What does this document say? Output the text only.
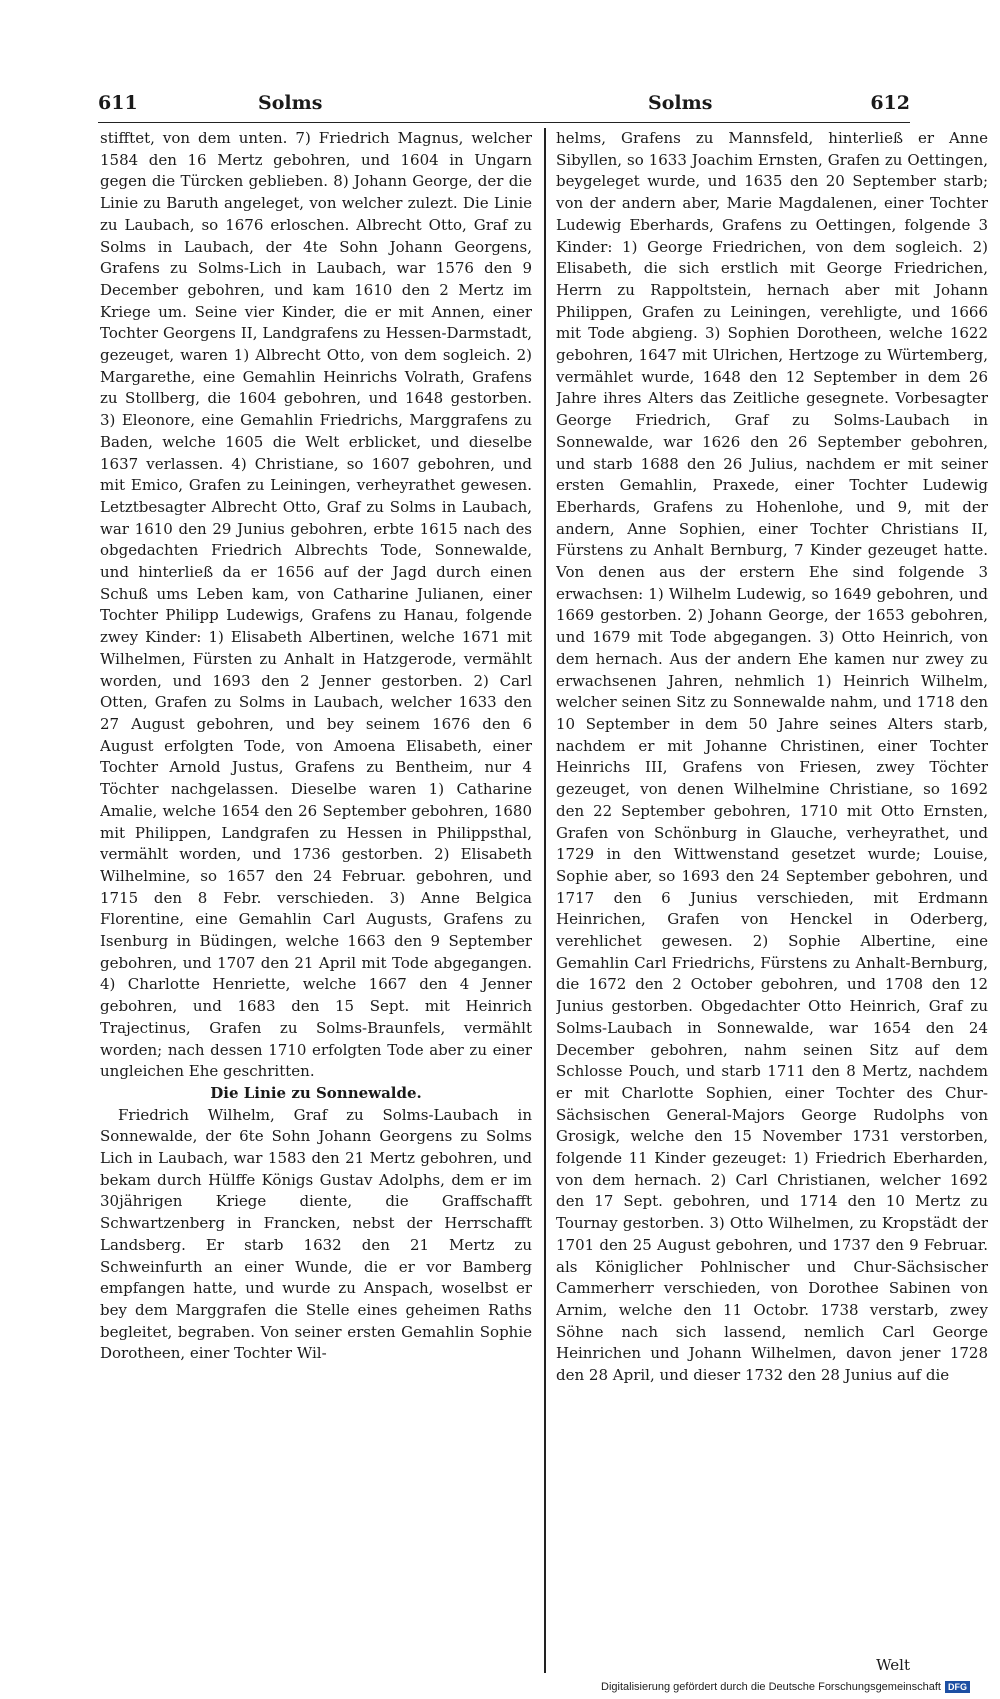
611	Solms	Solms	612

stifftet, von dem unten. 7) Friedrich Magnus, welcher 1584 den 16 Mertz gebohren, und 1604 in Ungarn gegen die Türcken geblieben. 8) Johann George, der die Linie zu Baruth angeleget, von welcher zulezt. Die Linie zu Laubach, so 1676 erloschen. Albrecht Otto, Graf zu Solms in Laubach, der 4te Sohn Johann Georgens, Grafens zu Solms-Lich in Laubach, war 1576 den 9 December gebohren, und kam 1610 den 2 Mertz im Kriege um. Seine vier Kinder, die er mit Annen, einer Tochter Georgens II, Landgrafens zu Hessen-Darmstadt, gezeuget, waren 1) Albrecht Otto, von dem sogleich. 2) Margarethe, eine Gemahlin Heinrichs Volrath, Grafens zu Stollberg, die 1604 gebohren, und 1648 gestorben. 3) Eleonore, eine Gemahlin Friedrichs, Marggrafens zu Baden, welche 1605 die Welt erblicket, und dieselbe 1637 verlassen. 4) Christiane, so 1607 gebohren, und mit Emico, Grafen zu Leiningen, verheyrathet gewesen. Letztbesagter Albrecht Otto, Graf zu Solms in Laubach, war 1610 den 29 Junius gebohren, erbte 1615 nach des obgedachten Friedrich Albrechts Tode, Sonnewalde, und hinterließ da er 1656 auf der Jagd durch einen Schuß ums Leben kam, von Catharine Julianen, einer Tochter Philipp Ludewigs, Grafens zu Hanau, folgende zwey Kinder: 1) Elisabeth Albertinen, welche 1671 mit Wilhelmen, Fürsten zu Anhalt in Hatzgerode, vermählt worden, und 1693 den 2 Jenner gestorben. 2) Carl Otten, Grafen zu Solms in Laubach, welcher 1633 den 27 August gebohren, und bey seinem 1676 den 6 August erfolgten Tode, von Amoena Elisabeth, einer Tochter Arnold Justus, Grafens zu Bentheim, nur 4 Töchter nachgelassen. Dieselbe waren 1) Catharine Amalie, welche 1654 den 26 September gebohren, 1680 mit Philippen, Landgrafen zu Hessen in Philippsthal, vermählt worden, und 1736 gestorben. 2) Elisabeth Wilhelmine, so 1657 den 24 Februar. gebohren, und 1715 den 8 Febr. verschieden. 3) Anne Belgica Florentine, eine Gemahlin Carl Augusts, Grafens zu Isenburg in Büdingen, welche 1663 den 9 September gebohren, und 1707 den 21 April mit Tode abgegangen. 4) Charlotte Henriette, welche 1667 den 4 Jenner gebohren, und 1683 den 15 Sept. mit Heinrich Trajectinus, Grafen zu Solms-Braunfels, vermählt worden; nach dessen 1710 erfolgten Tode aber zu einer ungleichen Ehe geschritten.

Die Linie zu Sonnewalde.

Friedrich Wilhelm, Graf zu Solms-Laubach in Sonnewalde, der 6te Sohn Johann Georgens zu Solms Lich in Laubach, war 1583 den 21 Mertz gebohren, und bekam durch Hülffe Königs Gustav Adolphs, dem er im 30jährigen Kriege diente, die Graffschafft Schwartzenberg in Francken, nebst der Herrschafft Landsberg. Er starb 1632 den 21 Mertz zu Schweinfurth an einer Wunde, die er vor Bamberg empfangen hatte, und wurde zu Anspach, woselbst er bey dem Marggrafen die Stelle eines geheimen Raths begleitet, begraben. Von seiner ersten Gemahlin Sophie Dorotheen, einer Tochter Wil-

helms, Grafens zu Mannsfeld, hinterließ er Anne Sibyllen, so 1633 Joachim Ernsten, Grafen zu Oettingen, beygeleget wurde, und 1635 den 20 September starb; von der andern aber, Marie Magdalenen, einer Tochter Ludewig Eberhards, Grafens zu Oettingen, folgende 3 Kinder: 1) George Friedrichen, von dem sogleich. 2) Elisabeth, die sich erstlich mit George Friedrichen, Herrn zu Rappoltstein, hernach aber mit Johann Philippen, Grafen zu Leiningen, verehligte, und 1666 mit Tode abgieng. 3) Sophien Dorotheen, welche 1622 gebohren, 1647 mit Ulrichen, Hertzoge zu Würtemberg, vermählet wurde, 1648 den 12 September in dem 26 Jahre ihres Alters das Zeitliche gesegnete. Vorbesagter George Friedrich, Graf zu Solms-Laubach in Sonnewalde, war 1626 den 26 September gebohren, und starb 1688 den 26 Julius, nachdem er mit seiner ersten Gemahlin, Praxede, einer Tochter Ludewig Eberhards, Grafens zu Hohenlohe, und 9, mit der andern, Anne Sophien, einer Tochter Christians II, Fürstens zu Anhalt Bernburg, 7 Kinder gezeuget hatte. Von denen aus der erstern Ehe sind folgende 3 erwachsen: 1) Wilhelm Ludewig, so 1649 gebohren, und 1669 gestorben. 2) Johann George, der 1653 gebohren, und 1679 mit Tode abgegangen. 3) Otto Heinrich, von dem hernach. Aus der andern Ehe kamen nur zwey zu erwachsenen Jahren, nehmlich 1) Heinrich Wilhelm, welcher seinen Sitz zu Sonnewalde nahm, und 1718 den 10 September in dem 50 Jahre seines Alters starb, nachdem er mit Johanne Christinen, einer Tochter Heinrichs III, Grafens von Friesen, zwey Töchter gezeuget, von denen Wilhelmine Christiane, so 1692 den 22 September gebohren, 1710 mit Otto Ernsten, Grafen von Schönburg in Glauche, verheyrathet, und 1729 in den Wittwenstand gesetzet wurde; Louise, Sophie aber, so 1693 den 24 September gebohren, und 1717 den 6 Junius verschieden, mit Erdmann Heinrichen, Grafen von Henckel in Oderberg, verehlichet gewesen. 2) Sophie Albertine, eine Gemahlin Carl Friedrichs, Fürstens zu Anhalt-Bernburg, die 1672 den 2 October gebohren, und 1708 den 12 Junius gestorben. Obgedachter Otto Heinrich, Graf zu Solms-Laubach in Sonnewalde, war 1654 den 24 December gebohren, nahm seinen Sitz auf dem Schlosse Pouch, und starb 1711 den 8 Mertz, nachdem er mit Charlotte Sophien, einer Tochter des Chur-Sächsischen General-Majors George Rudolphs von Grosigk, welche den 15 November 1731 verstorben, folgende 11 Kinder gezeuget: 1) Friedrich Eberharden, von dem hernach. 2) Carl Christianen, welcher 1692 den 17 Sept. gebohren, und 1714 den 10 Mertz zu Tournay gestorben. 3) Otto Wilhelmen, zu Kropstädt der 1701 den 25 August gebohren, und 1737 den 9 Februar. als Königlicher Pohlnischer und Chur-Sächsischer Cammerherr verschieden, von Dorothee Sabinen von Arnim, welche den 11 Octobr. 1738 verstarb, zwey Söhne nach sich lassend, nemlich Carl George Heinrichen und Johann Wilhelmen, davon jener 1728 den 28 April, und dieser 1732 den 28 Junius auf die

Welt
Digitalisierung gefördert durch die Deutsche Forschungsgemeinschaft DFG
